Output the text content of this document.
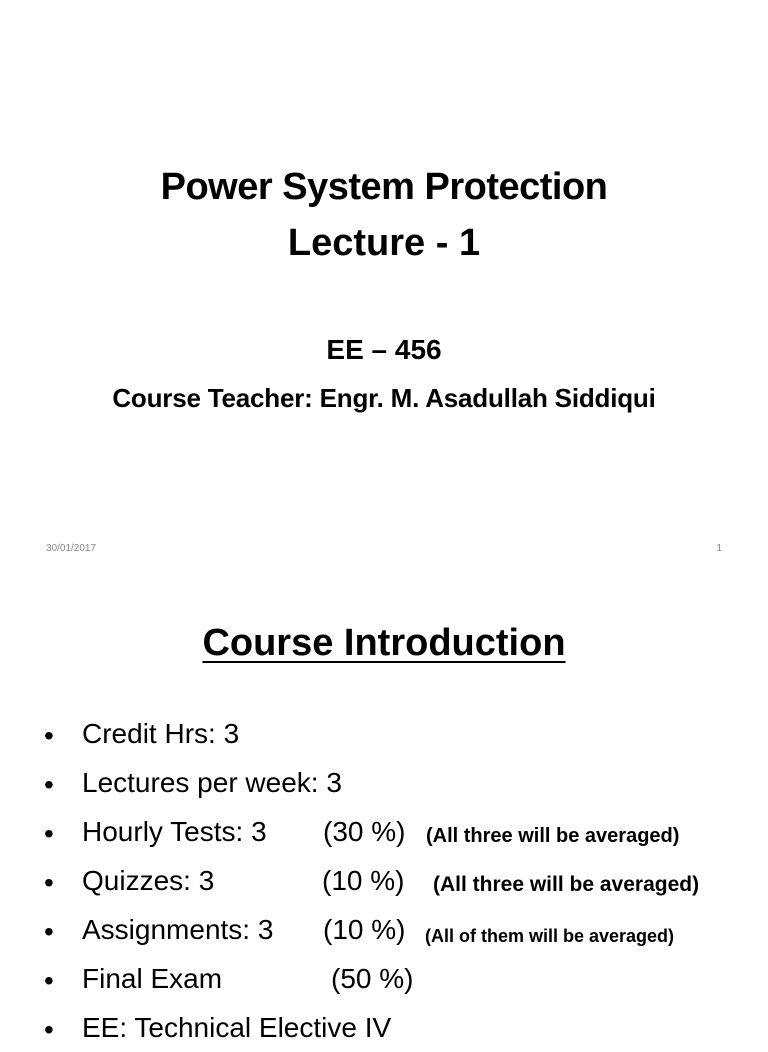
Power System Protection
Lecture - 1
EE – 456
Course Teacher: Engr. M. Asadullah Siddiqui
30/01/2017	1
Course Introduction
• Credit Hrs: 3
• Lectures per week: 3
• Hourly Tests: 3 (30 %) (All three will be averaged)
• Quizzes: 3	(10 %) (All three will be averaged)
• Assignments: 3 (10 %) (All of them will be averaged)
• Final Exam	(50 %)
• EE: Technical Elective IV
